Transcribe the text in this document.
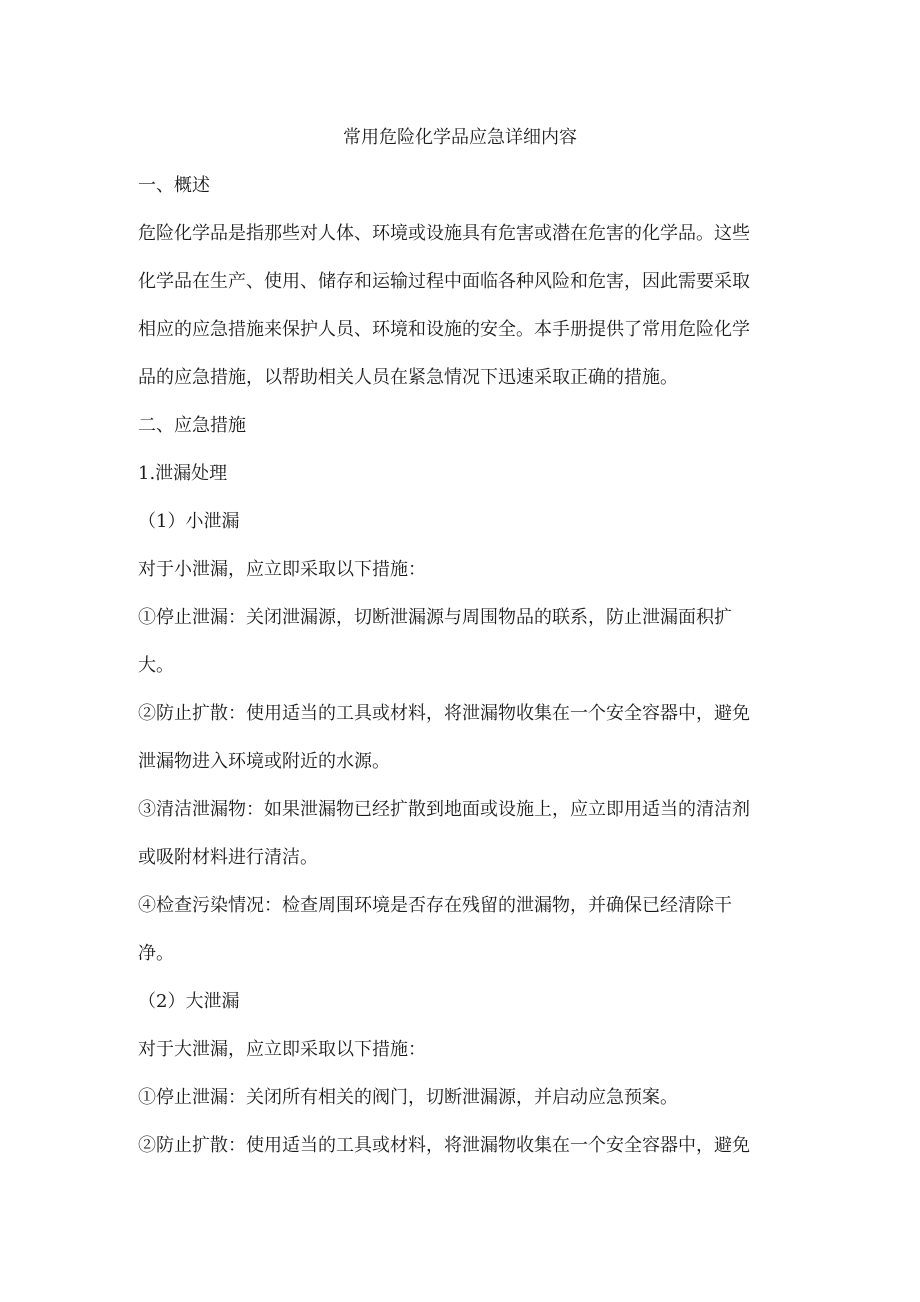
常用危险化学品应急详细内容

一、概述

危险化学品是指那些对人体、环境或设施具有危害或潜在危害的化学品。这些

化学品在生产、使用、储存和运输过程中面临各种风险和危害，因此需要采取

相应的应急措施来保护人员、环境和设施的安全。本手册提供了常用危险化学

品的应急措施，以帮助相关人员在紧急情况下迅速采取正确的措施。

二、应急措施

1.泄漏处理

（1）小泄漏

对于小泄漏，应立即采取以下措施：

①停止泄漏：关闭泄漏源，切断泄漏源与周围物品的联系，防止泄漏面积扩

大。

②防止扩散：使用适当的工具或材料，将泄漏物收集在一个安全容器中，避免

泄漏物进入环境或附近的水源。

③清洁泄漏物：如果泄漏物已经扩散到地面或设施上，应立即用适当的清洁剂

或吸附材料进行清洁。

④检查污染情况：检查周围环境是否存在残留的泄漏物，并确保已经清除干

净。

（2）大泄漏

对于大泄漏，应立即采取以下措施：

①停止泄漏：关闭所有相关的阀门，切断泄漏源，并启动应急预案。

②防止扩散：使用适当的工具或材料，将泄漏物收集在一个安全容器中，避免
